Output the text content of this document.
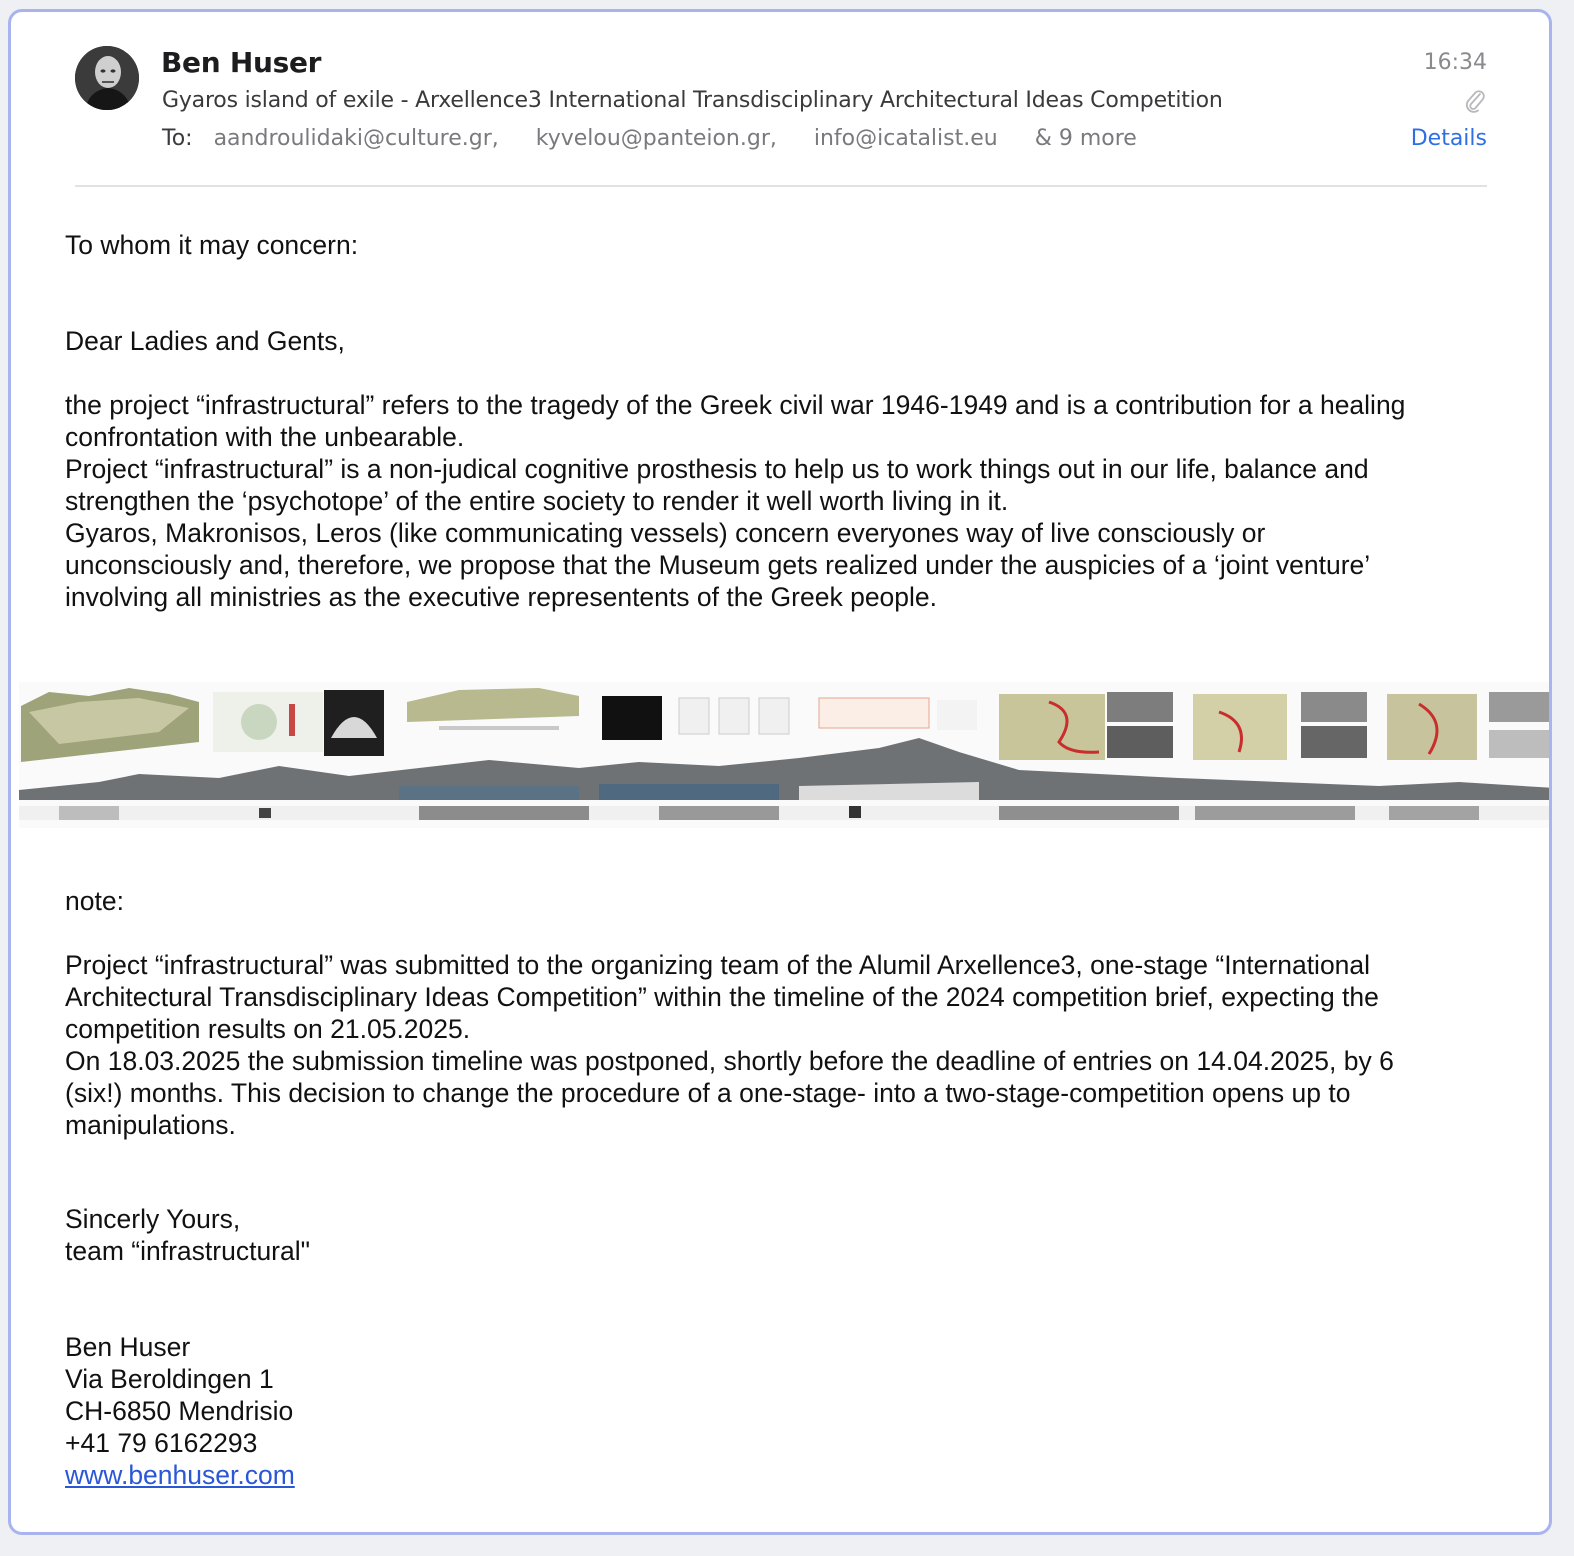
Ben Huser
Gyaros island of exile - Arxellence3 International Transdisciplinary Architectural Ideas Competition
To: aandroulidaki@culture.gr, kyvelou@panteion.gr, info@icatalist.eu & 9 more
16:34
Details
To whom it may concern:
Dear Ladies and Gents,

the project “infrastructural” refers to the tragedy of the Greek civil war 1946-1949 and is a contribution for a healing

confrontation with the unbearable.

Project “infrastructural” is a non-judical cognitive prosthesis to help us to work things out in our life, balance and

strengthen the ‘psychotope’ of the entire society to render it well worth living in it.

Gyaros, Makronisos, Leros (like communicating vessels) concern everyones way of live consciously or

unconsciously and, therefore, we propose that the Museum gets realized under the auspicies of a ‘joint venture’

involving all ministries as the executive representents of the Greek people.

note:

Project “infrastructural” was submitted to the organizing team of the Alumil Arxellence3, one-stage “International

Architectural Transdisciplinary Ideas Competition” within the timeline of the 2024 competition brief, expecting the

competition results on 21.05.2025.

On 18.03.2025 the submission timeline was postponed, shortly before the deadline of entries on 14.04.2025, by 6

(six!) months. This decision to change the procedure of a one-stage- into a two-stage-competition opens up to

manipulations.

Sincerly Yours,

team “infrastructural"

Ben Huser

Via Beroldingen 1

CH-6850 Mendrisio

+41 79 6162293

www.benhuser.com
